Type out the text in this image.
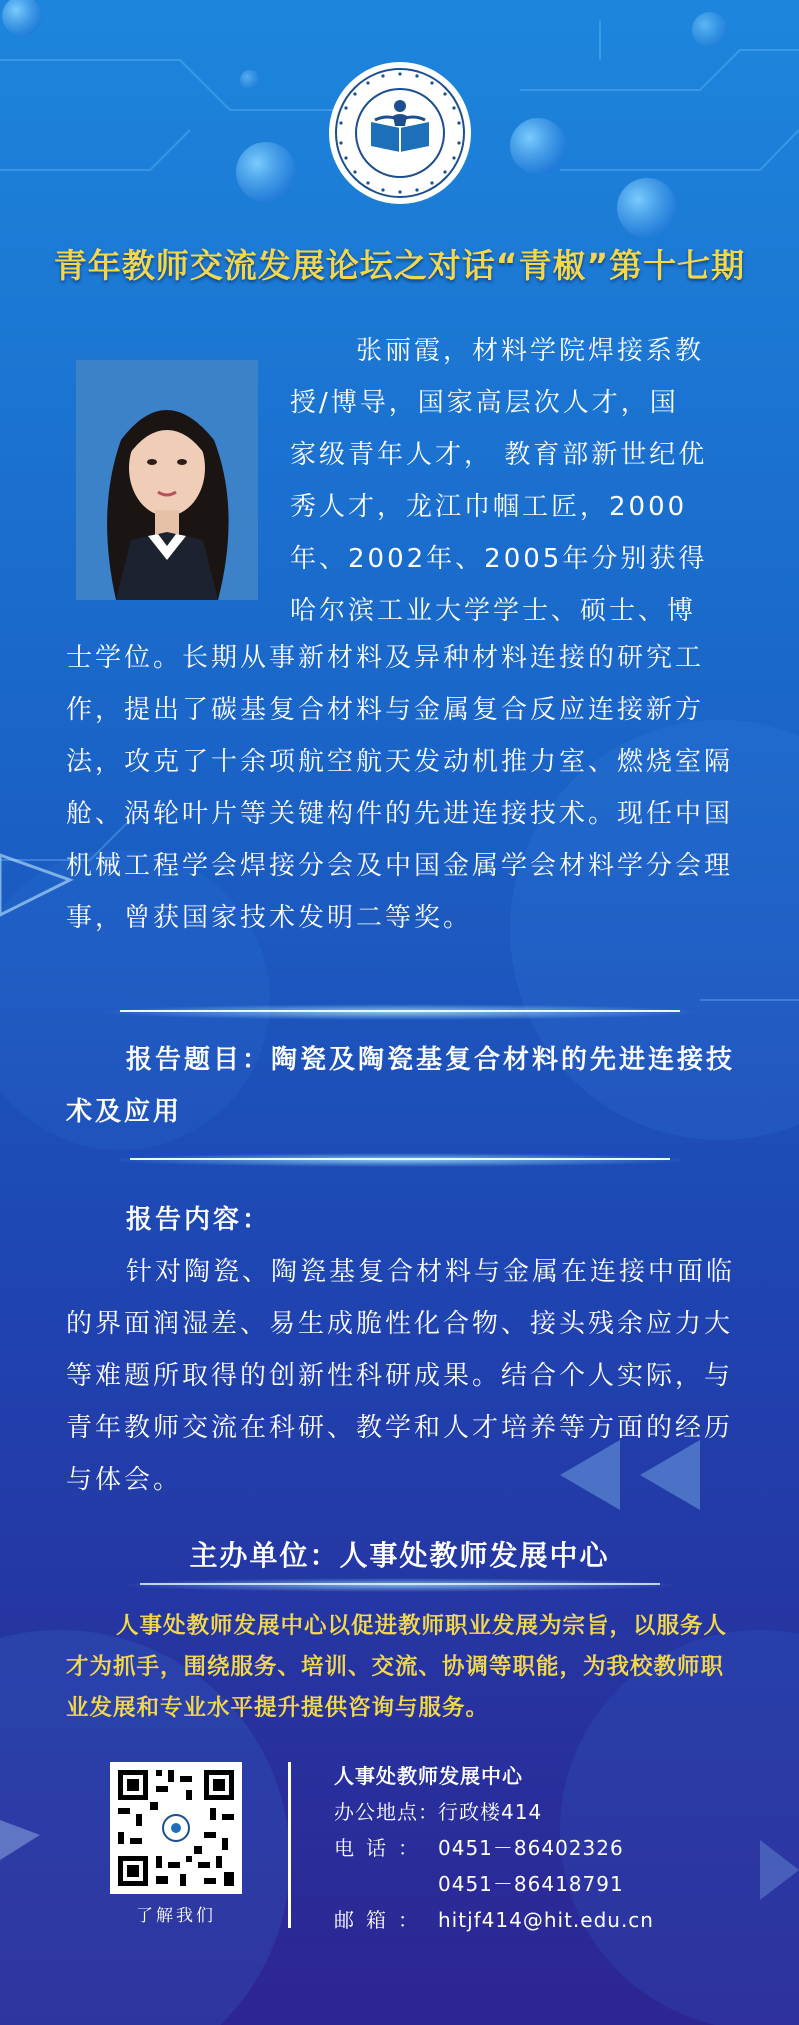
青年教师交流发展论坛之对话“青椒”第十七期
张丽霞，材料学院焊接系教
授/博导，国家高层次人才，国
家级青年人才， 教育部新世纪优
秀人才，龙江巾帼工匠，2000
年、2002年、2005年分别获得
哈尔滨工业大学学士、硕士、博
士学位。长期从事新材料及异种材料连接的研究工作，提出了碳基复合材料与金属复合反应连接新方法，攻克了十余项航空航天发动机推力室、燃烧室隔舱、涡轮叶片等关键构件的先进连接技术。现任中国机械工程学会焊接分会及中国金属学会材料学分会理事，曾获国家技术发明二等奖。
报告题目：陶瓷及陶瓷基复合材料的先进连接技术及应用
报告内容：
针对陶瓷、陶瓷基复合材料与金属在连接中面临的界面润湿差、易生成脆性化合物、接头残余应力大等难题所取得的创新性科研成果。结合个人实际，与青年教师交流在科研、教学和人才培养等方面的经历与体会。
主办单位：人事处教师发展中心
人事处教师发展中心以促进教师职业发展为宗旨，以服务人才为抓手，围绕服务、培训、交流、协调等职能，为我校教师职业发展和专业水平提升提供咨询与服务。
了解我们
人事处教师发展中心
办公地点：行政楼414
电话： 0451－86402326
0451－86418791
邮箱： hitjf414@hit.edu.cn
